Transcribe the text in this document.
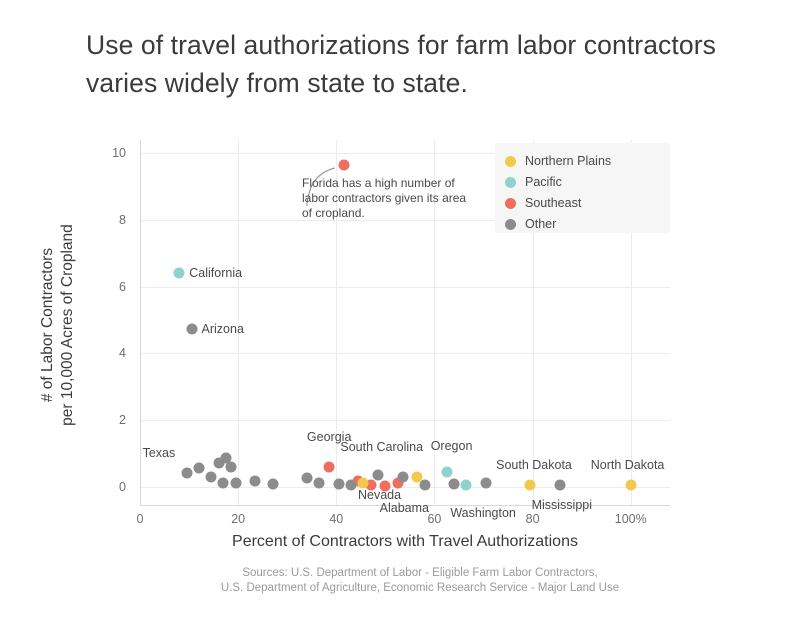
Use of travel authorizations for farm labor contractors varies widely from state to state.
0	20	40	60	80	100%
0
2
4
6
8
10
Georgia
South Carolina
Alabama
California
Oregon
Washington
South Dakota North Dakota
Arizona
Texas
Nevada
Mississippi
# of Labor Contractors per 10,000 Acres of Cropland
Percent of Contractors with Travel Authorizations
Northern Plains
Pacific
Southeast
Other
Florida has a high number of labor contractors given its area of cropland.
Sources: U.S. Department of Labor - Eligible Farm Labor Contractors,
U.S. Department of Agriculture, Economic Research Service - Major Land Use
